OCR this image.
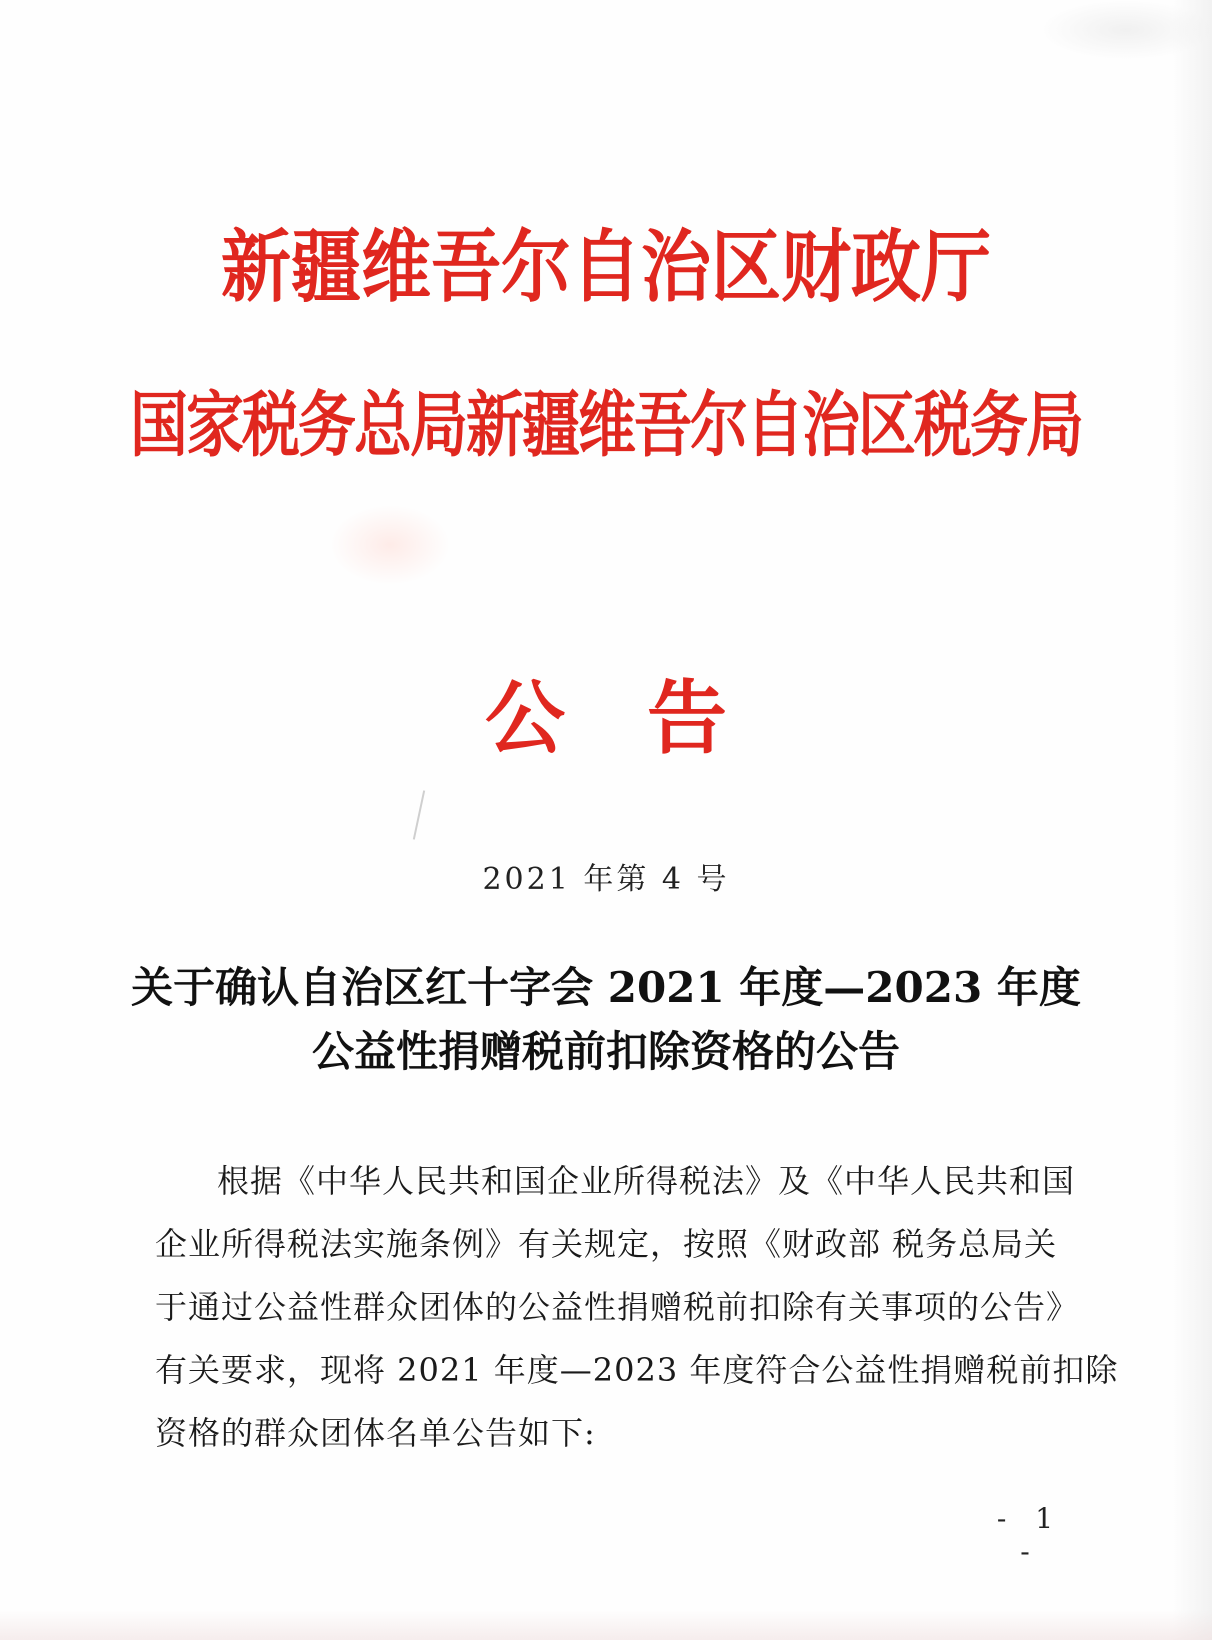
新疆维吾尔自治区财政厅
国家税务总局新疆维吾尔自治区税务局
公告
2021 年第 4 号
关于确认自治区红十字会 2021 年度—2023 年度
公益性捐赠税前扣除资格的公告
根据《中华人民共和国企业所得税法》及《中华人民共和国
企业所得税法实施条例》有关规定，按照《财政部 税务总局关
于通过公益性群众团体的公益性捐赠税前扣除有关事项的公告》
有关要求，现将 2021 年度—2023 年度符合公益性捐赠税前扣除
资格的群众团体名单公告如下:
- 1 -
